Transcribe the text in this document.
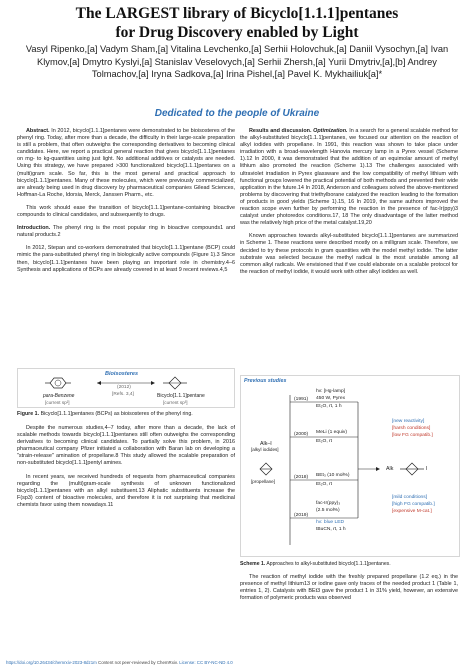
The LARGEST library of Bicyclo[1.1.1]pentanes
for Drug Discovery enabled by Light
Vasyl Ripenko,[a] Vadym Sham,[a] Vitalina Levchenko,[a] Serhii Holovchuk,[a] Daniil Vysochyn,[a] Ivan Klymov,[a] Dmytro Kyslyi,[a] Stanislav Veselovych,[a] Serhii Zhersh,[a] Yurii Dmytriv,[a],[b] Andrey Tolmachov,[a] Iryna Sadkova,[a] Irina Pishel,[a] Pavel K. Mykhailiuk[a]*
Dedicated to the people of Ukraine

Abstract. In 2012, bicyclo[1.1.1]pentanes were demonstrated to be bioisosteres of the phenyl ring. Today, after more than a decade, the difficulty in their large-scale preparation is still a problem, that often outweighs the corresponding derivatives to becoming clinical candidates. Here, we report a practical general reaction that gives bicyclo[1.1.1]pentanes on mg- to kg-quantities using just light. No additional additives or catalysts are needed. Using this strategy, we have prepared >300 functionalized bicyclo[1.1.1]pentanes on a (multi)gram scale. So far, this is the most general and practical approach to bicyclo[1.1.1]pentanes. Many of these molecules, which were previously commercialized, are already being used in drug discovery by pharmaceutical companies Gilead Sciences, Hoffman-La Roche, Idorsia, Merck, Janssen Pharm., etc.

This work should ease the transition of bicyclo[1.1.1]pentane-containing bioactive compounds to clinical candidates, and subsequently to drugs.

Introduction. The phenyl ring is the most popular ring in bioactive compounds1 and natural products.2

In 2012, Stepan and co-workers demonstrated that bicyclo[1.1.1]pentane (BCP) could mimic the para-substituted phenyl ring in biologically active compounds (Figure 1).3 Since then, bicyclo[1.1.1]pentanes have been playing an important role in chemistry.4–6 Synthesis and applications of BCPs are already covered in at least 9 recent reviews.4,5

Bioisosteres
(2012)
[Refs. 3,4]
para-Benzene
[current sp²]
Bicyclo[1.1.1]pentane
[current sp³]
Figure 1. Bicyclo[1.1.1]pentanes (BCPs) as bioisosteres of the phenyl ring.

Despite the numerous studies,4–7 today, after more than a decade, the lack of scalable methods towards bicyclo[1.1.1]pentanes still often outweighs the corresponding derivatives to becoming clinical candidates. To partially solve this problem, in 2016 pharmaceutical company Pfizer initiated a collaboration with Baran lab on developing a "strain-release" amination of propellane.8 This study allowed the scalable preparation of non-substituted bicyclo[1.1.1]pentyl amines.

In recent years, we received hundreds of requests from pharmaceutical companies regarding the (multi)gram-scale synthesis of unknown functionalized bicyclo[1.1.1]pentanes with an alkyl substituent.13 Aliphatic substituents increase the F(sp3) content of bioactive molecules, and therefore it is not surprising that medicinal chemists favor using them nowadays.11

Results and discussion. Optimization. In a search for a general scalable method for the alkyl-substituted bicyclo[1.1.1]pentanes, we focused our attention on the reaction of alkyl iodides with propellane. In 1991, this reaction was shown to take place under irradiation with a broad-wavelength Hanovia mercury lamp in a Pyrex vessel (Scheme 1).12 In 2000, it was demonstrated that the addition of an equimolar amount of methyl lithium also promoted the reaction (Scheme 1).13 The challenges associated with ultraviolet irradiation in Pyrex glassware and the low compatibility of methyl lithium with functional groups lowered the practical potential of both methods and prevented their wide application in the future.14 In 2018, Anderson and colleagues solved the above-mentioned problems by discovering that triethylborane catalyzed the reaction leading to the formation of products in good yields (Scheme 1).15, 16 In 2019, the same authors improved the reaction scope even further by performing the reaction in the presence of fac-Ir(ppy)3 catalyst under photoredox conditions.17, 18 The only disadvantage of the latter method was the relatively high price of the metal catalyst.19,20

Known approaches towards alkyl-substituted bicyclo[1.1.1]pentanes are summarized in Scheme 1. These reactions were described mostly on a milligram scale. Therefore, we decided to try these protocols in gram quantities with the model methyl iodide. The latter substrate was selected because the methyl radical is the most unstable among all common alkyl radicals. We envisioned that if we could elaborate on a scalable protocol for the reaction of methyl iodide, it would work with other alkyl iodides as well.

Previous studies
Alk–I
[alkyl iodides]
[propellane]
Alk	I
(1991)
hν: [Hg-lamp]
450 W, Pyrex
Et₂O, rt, 1 h
(2000) MeLi (1 equiv)
Et₂O, rt
(2018) BEt₃ (10 mol%)
Et₂O, rt
(2019)
fac-Ir(ppy)₃
(2.5 mol%)
hν: blue LED
tBuCN, rt, 1 h
[new reactivity]
[harsh conditions]
[low FG compatib.]
[mild conditions]
[high FG compatib.]
[expensive M-cat.]
Scheme 1. Approaches to alkyl-substituted bicyclo[1.1.1]pentanes.

The reaction of methyl iodide with the freshly prepared propellane (1.2 eq.) in the presence of methyl lithium13 or iodine gave only traces of the needed product 1 (Table 1, entries 1, 2). Catalysis with BEt3 gave the product 1 in 31% yield, however, an extensive formation of polymeric products was observed

https://doi.org/10.26434/chemrxiv-2023-8dz1m Content not peer-reviewed by ChemRxiv. License: CC BY-NC-ND 4.0
